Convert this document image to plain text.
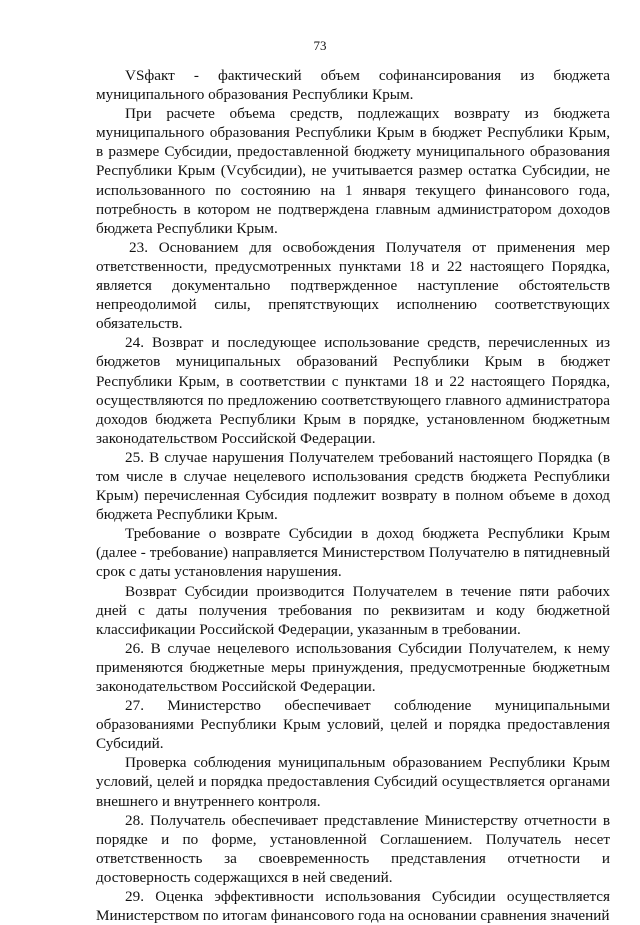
73

VSфакт - фактический объем софинансирования из бюджета муниципального образования Республики Крым.

При расчете объема средств, подлежащих возврату из бюджета муниципального образования Республики Крым в бюджет Республики Крым, в размере Субсидии, предоставленной бюджету муниципального образования Республики Крым (Vсубсидии), не учитывается размер остатка Субсидии, не использованного по состоянию на 1 января текущего финансового года, потребность в котором не подтверждена главным администратором доходов бюджета Республики Крым.

23. Основанием для освобождения Получателя от применения мер ответственности, предусмотренных пунктами 18 и 22 настоящего Порядка, является документально подтвержденное наступление обстоятельств непреодолимой силы, препятствующих исполнению соответствующих обязательств.

24. Возврат и последующее использование средств, перечисленных из бюджетов муниципальных образований Республики Крым в бюджет Республики Крым, в соответствии с пунктами 18 и 22 настоящего Порядка, осуществляются по предложению соответствующего главного администратора доходов бюджета Республики Крым в порядке, установленном бюджетным законодательством Российской Федерации.

25. В случае нарушения Получателем требований настоящего Порядка (в том числе в случае нецелевого использования средств бюджета Республики Крым) перечисленная Субсидия подлежит возврату в полном объеме в доход бюджета Республики Крым.

Требование о возврате Субсидии в доход бюджета Республики Крым (далее - требование) направляется Министерством Получателю в пятидневный срок с даты установления нарушения.

Возврат Субсидии производится Получателем в течение пяти рабочих дней с даты получения требования по реквизитам и коду бюджетной классификации Российской Федерации, указанным в требовании.

26. В случае нецелевого использования Субсидии Получателем, к нему применяются бюджетные меры принуждения, предусмотренные бюджетным законодательством Российской Федерации.

27. Министерство обеспечивает соблюдение муниципальными образованиями Республики Крым условий, целей и порядка предоставления Субсидий.

Проверка соблюдения муниципальным образованием Республики Крым условий, целей и порядка предоставления Субсидий осуществляется органами внешнего и внутреннего контроля.

28. Получатель обеспечивает представление Министерству отчетности в порядке и по форме, установленной Соглашением. Получатель несет ответственность за своевременность представления отчетности и достоверность содержащихся в ней сведений.

29. Оценка эффективности использования Субсидии осуществляется Министерством по итогам финансового года на основании сравнения значений
